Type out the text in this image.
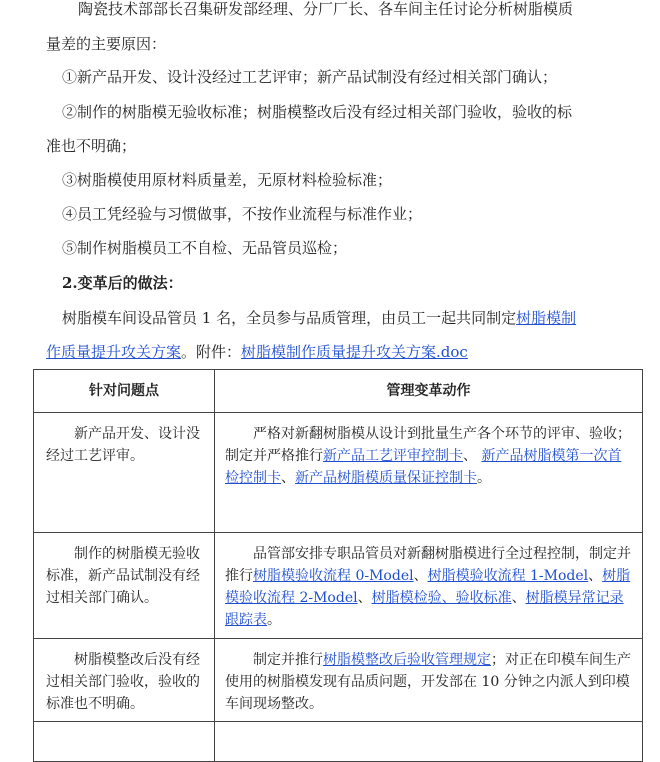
陶瓷技术部部长召集研发部经理、分厂厂长、各车间主任讨论分析树脂模质
量差的主要原因：
①新产品开发、设计没经过工艺评审；新产品试制没有经过相关部门确认；
②制作的树脂模无验收标准；树脂模整改后没有经过相关部门验收，验收的标
准也不明确；
③树脂模使用原材料质量差，无原材料检验标准；
④员工凭经验与习惯做事，不按作业流程与标准作业；
⑤制作树脂模员工不自检、无品管员巡检；
2.变革后的做法：
树脂模车间设品管员 1 名，全员参与品质管理，由员工一起共同制定树脂模制
作质量提升攻关方案。附件：树脂模制作质量提升攻关方案.doc
针对问题点	管理变革动作
新产品开发、设计没经过工艺评审。	严格对新翻树脂模从设计到批量生产各个环节的评审、验收；制定并严格推行新产品工艺评审控制卡、 新产品树脂模第一次首检控制卡、新产品树脂模质量保证控制卡。
制作的树脂模无验收标准，新产品试制没有经过相关部门确认。	品管部安排专职品管员对新翻树脂模进行全过程控制，制定并推行树脂模验收流程 0-Model、树脂模验收流程 1-Model、树脂模验收流程 2-Model、树脂模检验、验收标准、树脂模异常记录跟踪表。
树脂模整改后没有经过相关部门验收，验收的标准也不明确。	制定并推行树脂模整改后验收管理规定；对正在印模车间生产使用的树脂模发现有品质问题，开发部在 10 分钟之内派人到印模车间现场整改。
